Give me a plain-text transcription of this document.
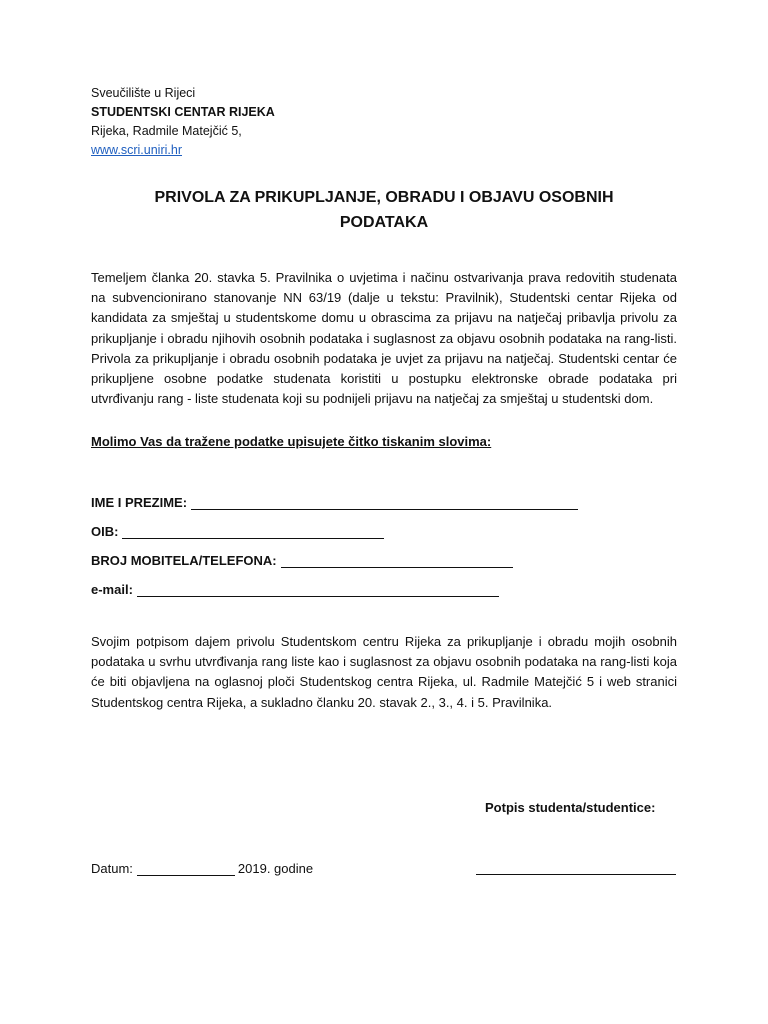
Sveučilište u Rijeci
STUDENTSKI CENTAR RIJEKA
Rijeka, Radmile Matejčić 5,
www.scri.uniri.hr
PRIVOLA ZA PRIKUPLJANJE, OBRADU I OBJAVU OSOBNIH
PODATAKA

Temeljem članka 20. stavka 5. Pravilnika o uvjetima i načinu ostvarivanja prava redovitih studenata na subvencionirano stanovanje NN 63/19 (dalje u tekstu: Pravilnik), Studentski centar Rijeka od kandidata za smještaj u studentskome domu u obrascima za prijavu na natječaj pribavlja privolu za prikupljanje i obradu njihovih osobnih podataka i suglasnost za objavu osobnih podataka na rang-listi. Privola za prikupljanje i obradu osobnih podataka je uvjet za prijavu na natječaj. Studentski centar će prikupljene osobne podatke studenata koristiti u postupku elektronske obrade podataka pri utvrđivanju rang - liste studenata koji su podnijeli prijavu na natječaj za smještaj u studentski dom.

Molimo Vas da tražene podatke upisujete čitko tiskanim slovima:
IME I PREZIME:
OIB:
BROJ MOBITELA/TELEFONA:
e-mail:

Svojim potpisom dajem privolu Studentskom centru Rijeka za prikupljanje i obradu mojih osobnih podataka u svrhu utvrđivanja rang liste kao i suglasnost za objavu osobnih podataka na rang-listi koja će biti objavljena na oglasnoj ploči Studentskog centra Rijeka, ul. Radmile Matejčić 5 i web stranici Studentskog centra Rijeka, a sukladno članku 20. stavak 2., 3., 4. i 5. Pravilnika.

Potpis studenta/studentice:
Datum:	2019. godine
